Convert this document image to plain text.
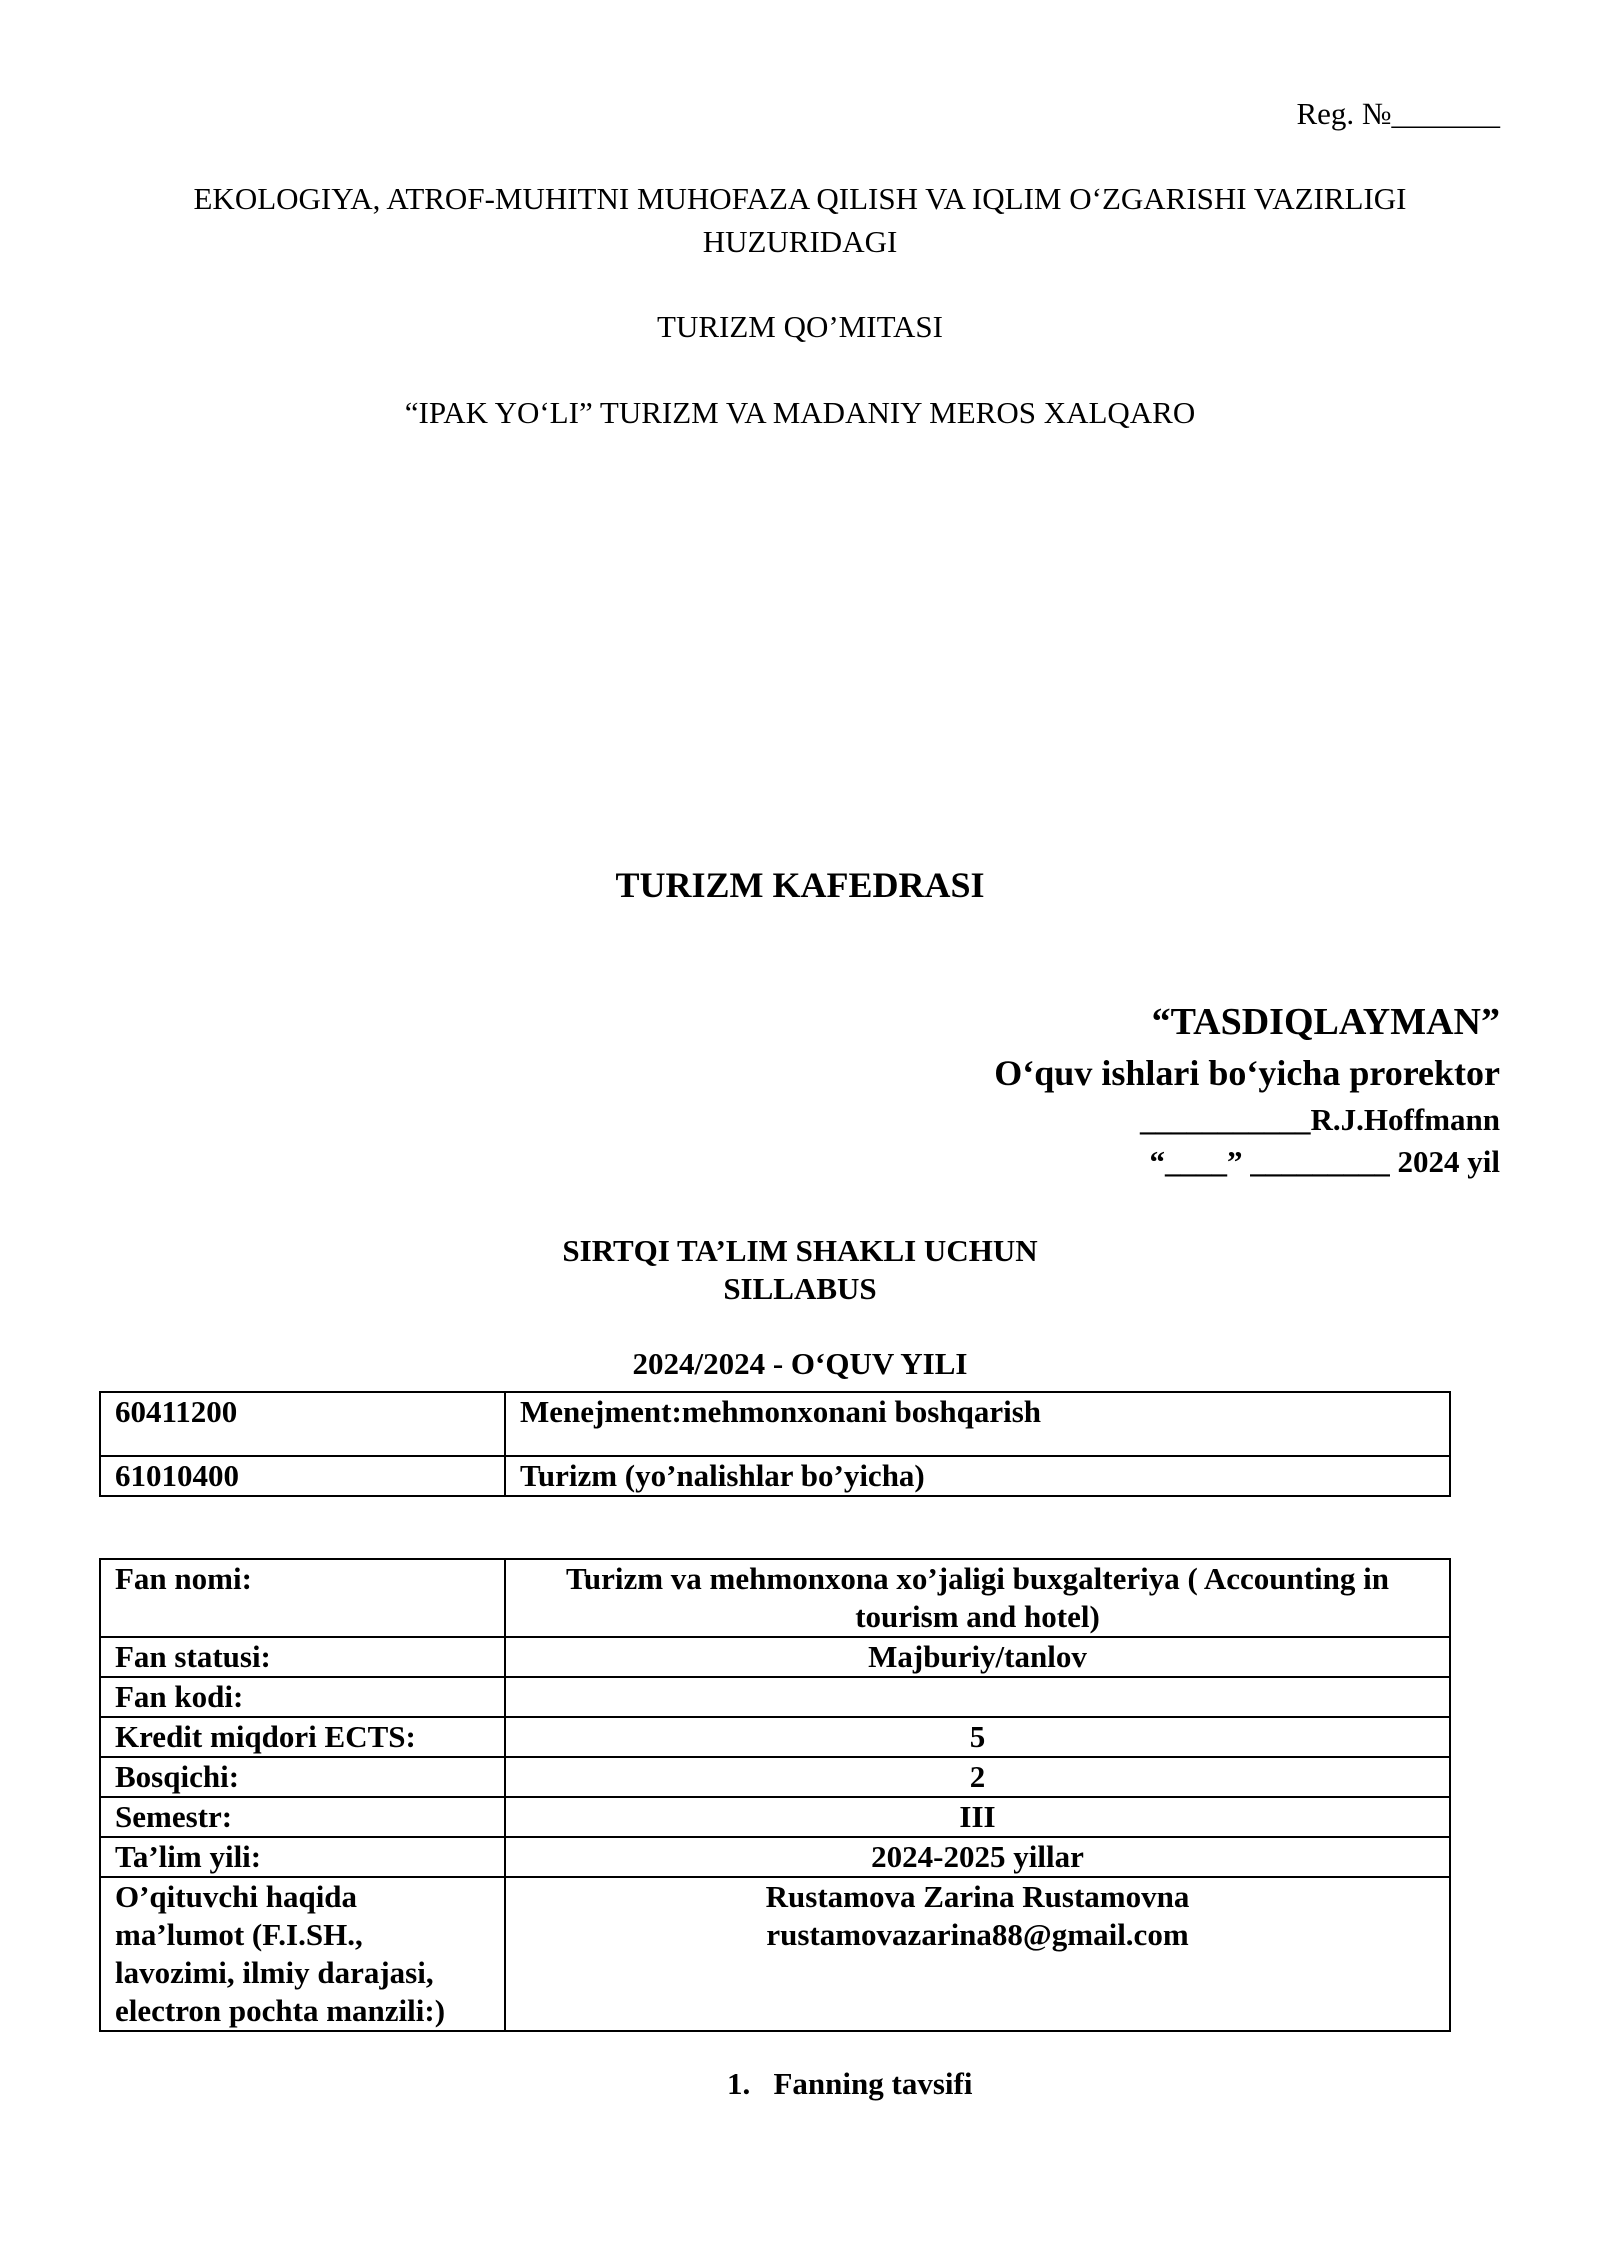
Reg. №_______
EKOLOGIYA, ATROF-MUHITNI MUHOFAZA QILISH VA IQLIM O‘ZGARISHI VAZIRLIGI
HUZURIDAGI
TURIZM QO’MITASI
“IPAK YO‘LI” TURIZM VA MADANIY MEROS XALQARO
TURIZM KAFEDRASI
“TASDIQLAYMAN”
O‘quv ishlari bo‘yicha prorektor
___________R.J.Hoffmann
“____” _________ 2024 yil
SIRTQI TA’LIM SHAKLI UCHUN
SILLABUS
2024/2024 - O‘QUV YILI
60411200	Menejment:mehmonxonani boshqarish
61010400	Turizm (yo’nalishlar bo’yicha)
Fan nomi:	Turizm va mehmonxona xo’jaligi buxgalteriya ( Accounting in tourism and hotel)
Fan statusi:	Majburiy/tanlov
Fan kodi:	
Kredit miqdori ECTS:	5
Bosqichi:	2
Semestr:	III
Ta’lim yili:	2024-2025 yillar
O’qituvchi haqida ma’lumot (F.I.SH., lavozimi, ilmiy darajasi, electron pochta manzili:)	Rustamova Zarina Rustamovna
rustamovazarina88@gmail.com
1.   Fanning tavsifi
